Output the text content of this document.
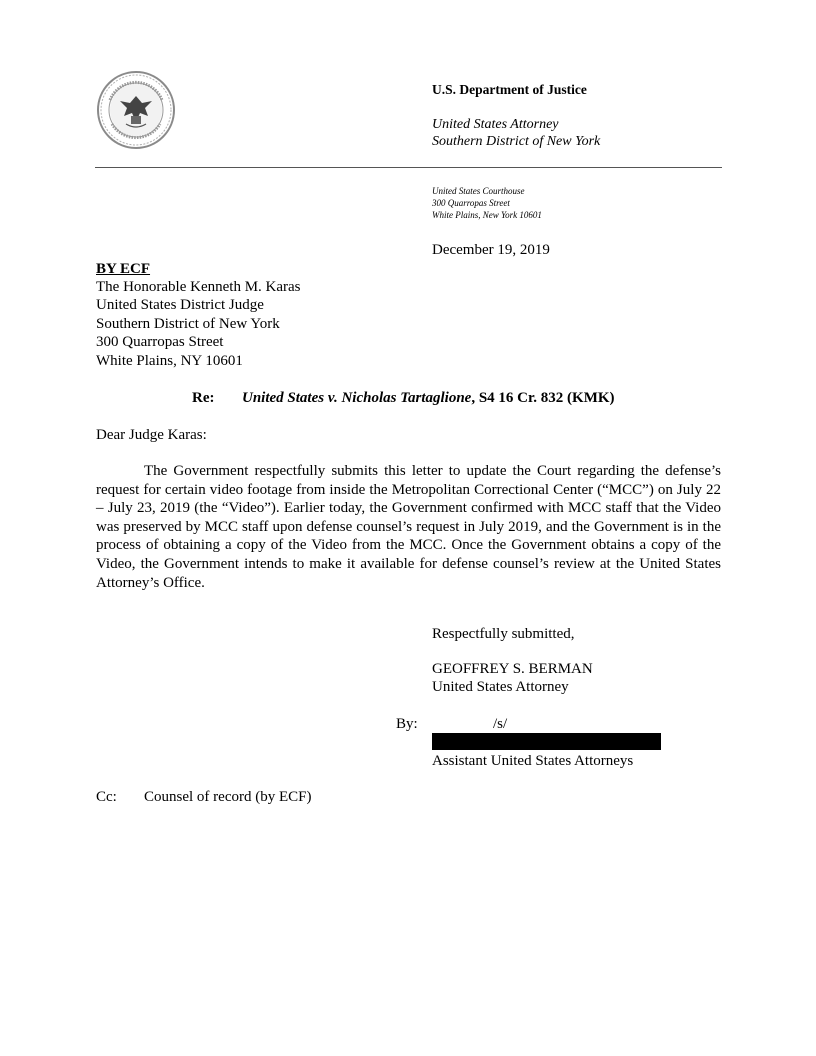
U.S. Department of Justice
United States Attorney
Southern District of New York
United States Courthouse
300 Quarropas Street
White Plains, New York 10601
December 19, 2019
BY ECF
The Honorable Kenneth M. Karas
United States District Judge
Southern District of New York
300 Quarropas Street
White Plains, NY 10601
Re: United States v. Nicholas Tartaglione, S4 16 Cr. 832 (KMK)
Dear Judge Karas:
The Government respectfully submits this letter to update the Court regarding the defense’s request for certain video footage from inside the Metropolitan Correctional Center (“MCC”) on July 22 – July 23, 2019 (the “Video”). Earlier today, the Government confirmed with MCC staff that the Video was preserved by MCC staff upon defense counsel’s request in July 2019, and the Government is in the process of obtaining a copy of the Video from the MCC. Once the Government obtains a copy of the Video, the Government intends to make it available for defense counsel’s review at the United States Attorney’s Office.
Respectfully submitted,
GEOFFREY S. BERMAN
United States Attorney
By:	/s/
Assistant United States Attorneys
Cc: Counsel of record (by ECF)
